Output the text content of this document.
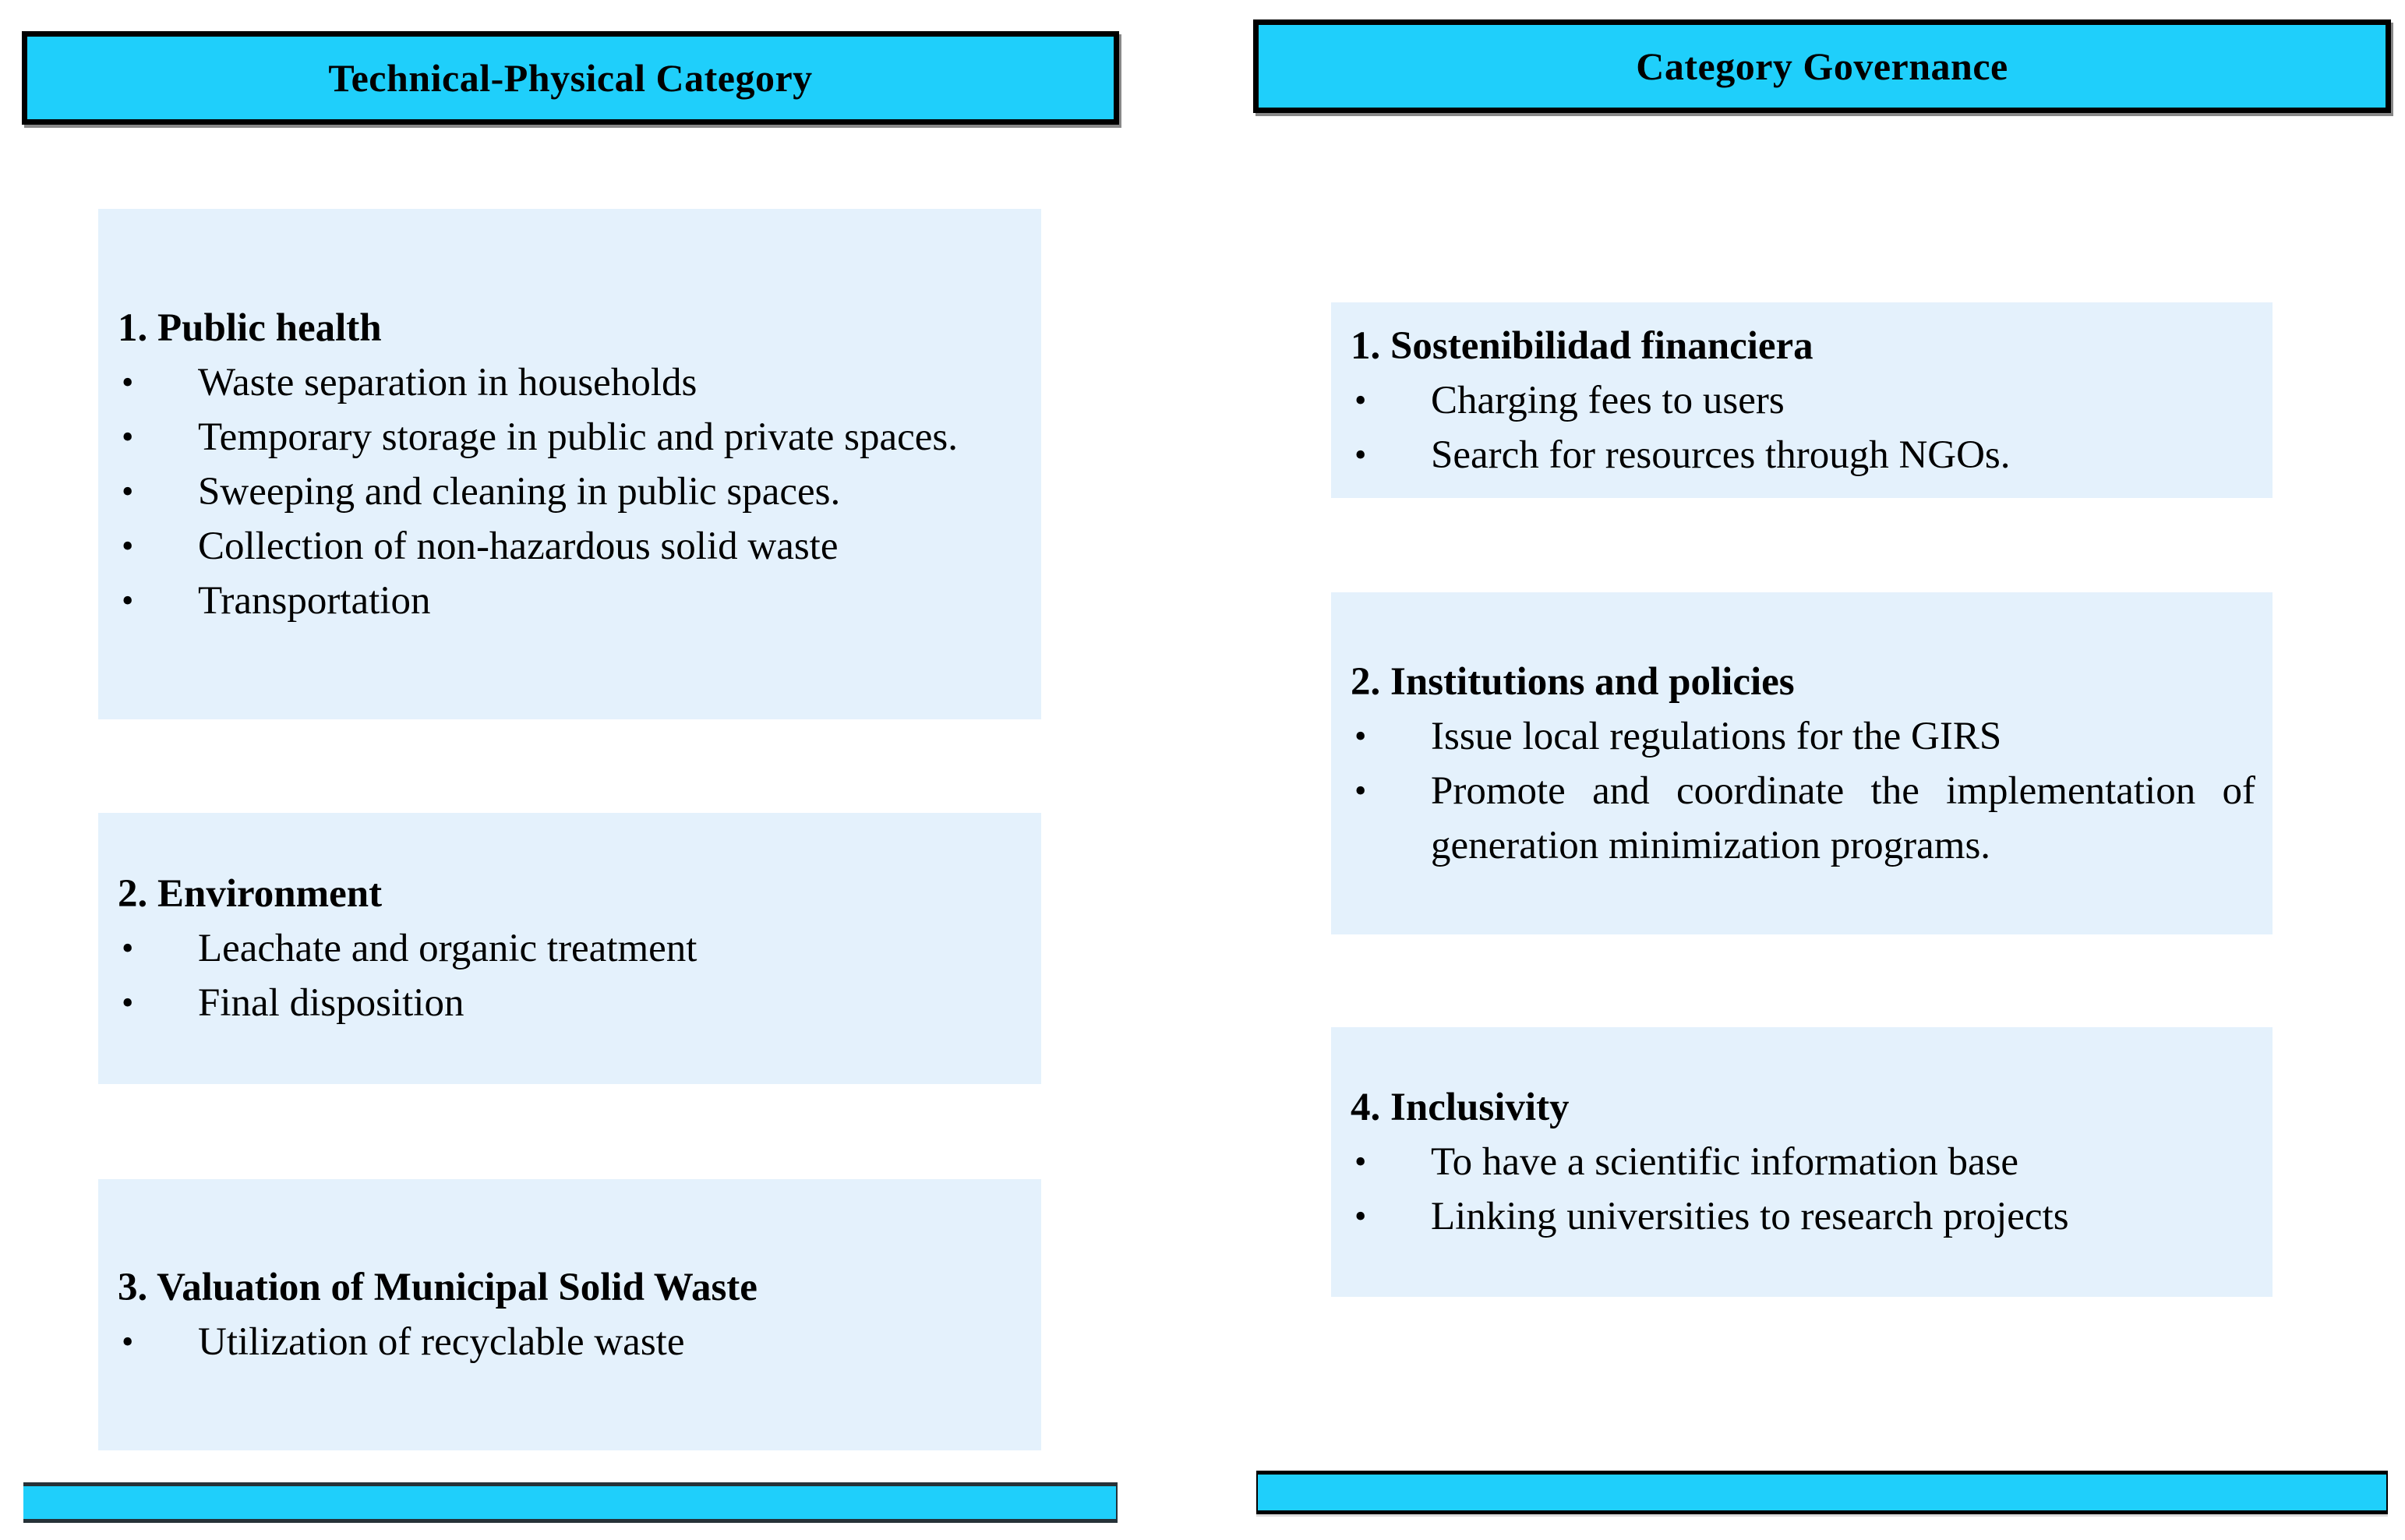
Technical-Physical Category
1. Public health
• Waste separation in households
• Temporary storage in public and private spaces.
• Sweeping and cleaning in public spaces.
• Collection of non-hazardous solid waste
• Transportation
2. Environment
• Leachate and organic treatment
• Final disposition
3. Valuation of Municipal Solid Waste
• Utilization of recyclable waste
Category Governance
1. Sostenibilidad financiera
• Charging fees to users
• Search for resources through NGOs.
2. Institutions and policies
• Issue local regulations for the GIRS
• Promote and coordinate the implementation of generation minimization programs.
4. Inclusivity
• To have a scientific information base
• Linking universities to research projects
